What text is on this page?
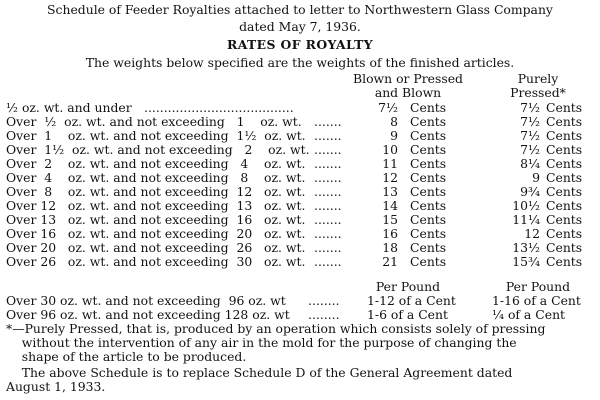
Schedule of Feeder Royalties attached to letter to Northwestern Glass Company
dated May 7, 1936.
RATES OF ROYALTY
The weights below specified are the weights of the finished articles.
Blown or Pressed
and Blown
Purely
Pressed*
½ oz. wt. and under ......................................	7½ Cents	7½ Cents
Over  ½  oz. wt. and not exceeding   1    oz. wt. .......	8 Cents	7½ Cents
Over  1    oz. wt. and not exceeding  1½  oz. wt. .......	9 Cents	7½ Cents
Over  1½  oz. wt. and not exceeding   2    oz. wt. .......	10 Cents	7½ Cents
Over  2    oz. wt. and not exceeding   4    oz. wt. .......	11 Cents	8¼ Cents
Over  4    oz. wt. and not exceeding   8    oz. wt. .......	12 Cents	9 Cents
Over  8    oz. wt. and not exceeding  12   oz. wt. .......	13 Cents	9¾ Cents
Over 12   oz. wt. and not exceeding  13   oz. wt. .......	14 Cents	10½ Cents
Over 13   oz. wt. and not exceeding  16   oz. wt. .......	15 Cents	11¼ Cents
Over 16   oz. wt. and not exceeding  20   oz. wt. .......	16 Cents	12 Cents
Over 20   oz. wt. and not exceeding  26   oz. wt. .......	18 Cents	13½ Cents
Over 26   oz. wt. and not exceeding  30   oz. wt. .......	21 Cents	15¾ Cents
Per Pound	Per Pound
Over 30 oz. wt. and not exceeding  96 oz. wt ........ 1-12 of a Cent	1-16 of a Cent
Over 96 oz. wt. and not exceeding 128 oz. wt ........ 1-6 of a Cent	¼ of a Cent
*—Purely Pressed, that is, produced by an operation which consists solely of pressing
without the intervention of any air in the mold for the purpose of changing the
shape of the article to be produced.
The above Schedule is to replace Schedule D of the General Agreement dated
August 1, 1933.
